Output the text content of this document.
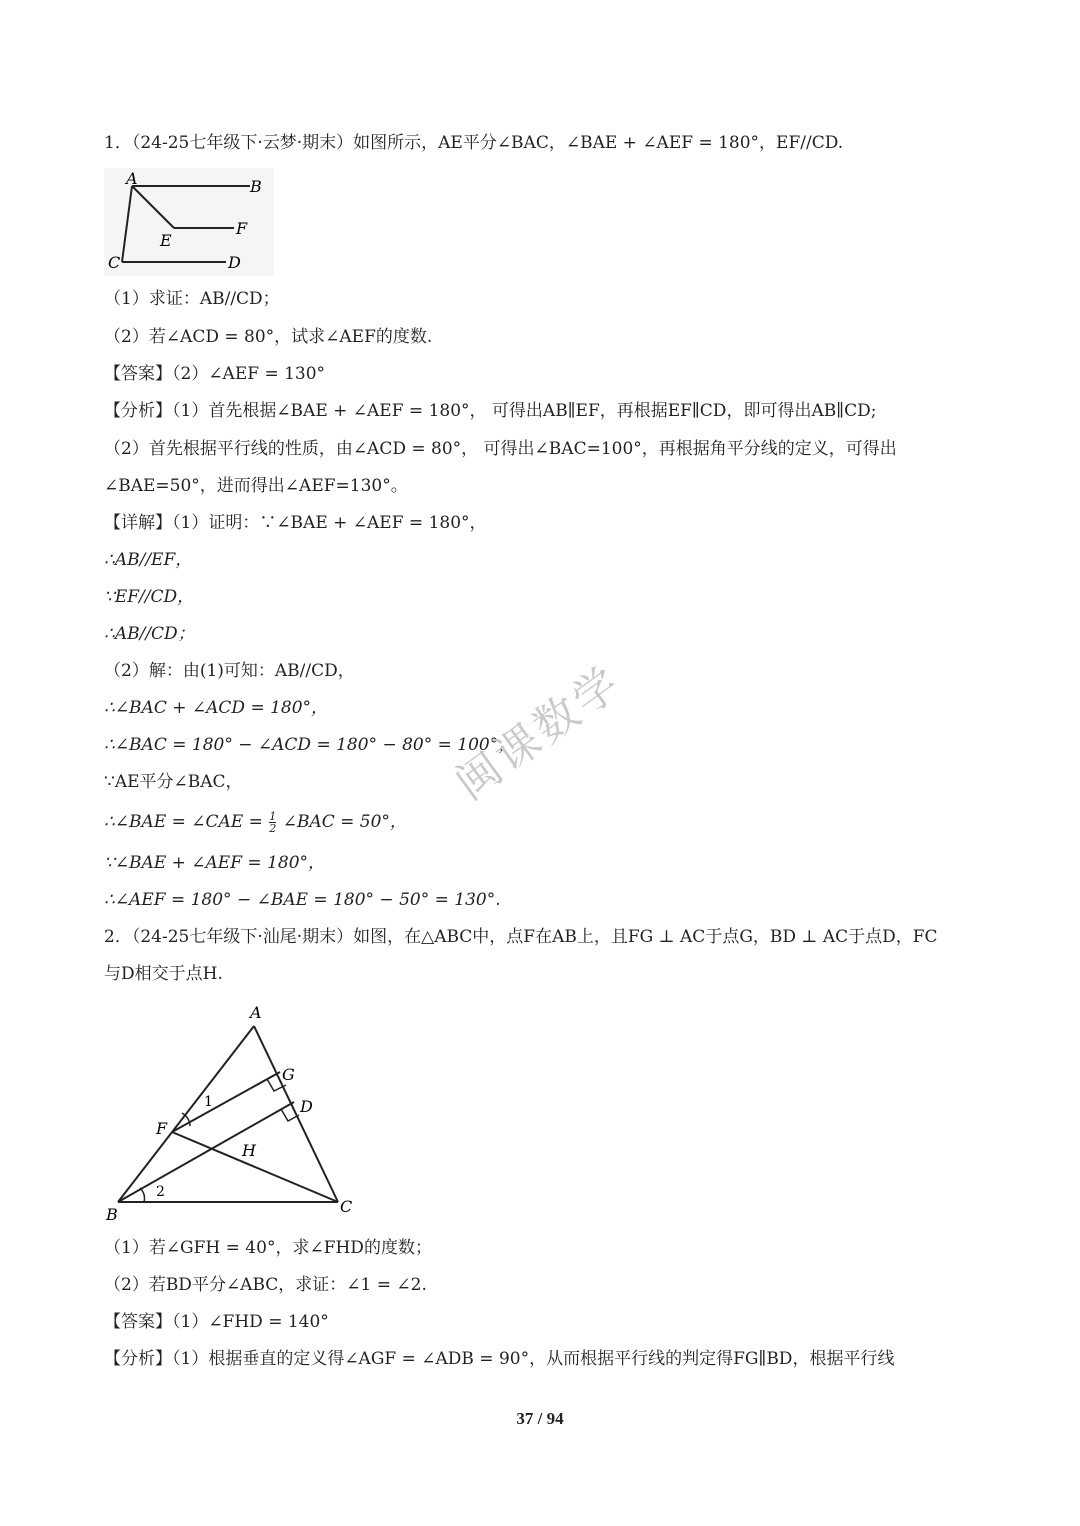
1．（24-25七年级下·云梦·期末）如图所示，AE平分∠BAC，∠BAE + ∠AEF = 180°，EF//CD.
A	B
C	D
E
F
（1）求证：AB//CD；
（2）若∠ACD = 80°，试求∠AEF的度数.
【答案】（2）∠AEF = 130°
【分析】（1）首先根据∠BAE + ∠AEF = 180°， 可得出AB∥EF，再根据EF∥CD，即可得出AB∥CD;
（2）首先根据平行线的性质，由∠ACD = 80°， 可得出∠BAC=100°，再根据角平分线的定义，可得出
∠BAE=50°，进而得出∠AEF=130°。
【详解】（1）证明：∵∠BAE + ∠AEF = 180°，
∴AB//EF，
∵EF//CD，
∴AB//CD；
（2）解：由(1)可知：AB//CD，
∴∠BAC + ∠ACD = 180°，
∴∠BAC = 180° − ∠ACD = 180° − 80° = 100°，
∵AE平分∠BAC，
∴∠BAE = ∠CAE = $\frac{1}{2}$ ∠BAC = 50°，
∵∠BAE + ∠AEF = 180°，
∴∠AEF = 180° − ∠BAE = 180° − 50° = 130°.
2．（24-25七年级下·汕尾·期末）如图，在△ABC中，点F在AB上，且FG ⊥ AC于点G，BD ⊥ AC于点D，FC
与D相交于点H.
A
B	C
D
F
G
H
1
2
（1）若∠GFH = 40°，求∠FHD的度数；
（2）若BD平分∠ABC，求证：∠1 = ∠2.
【答案】（1）∠FHD = 140°
【分析】（1）根据垂直的定义得∠AGF = ∠ADB = 90°，从而根据平行线的判定得FG∥BD，根据平行线
闽课数学
37 / 94
